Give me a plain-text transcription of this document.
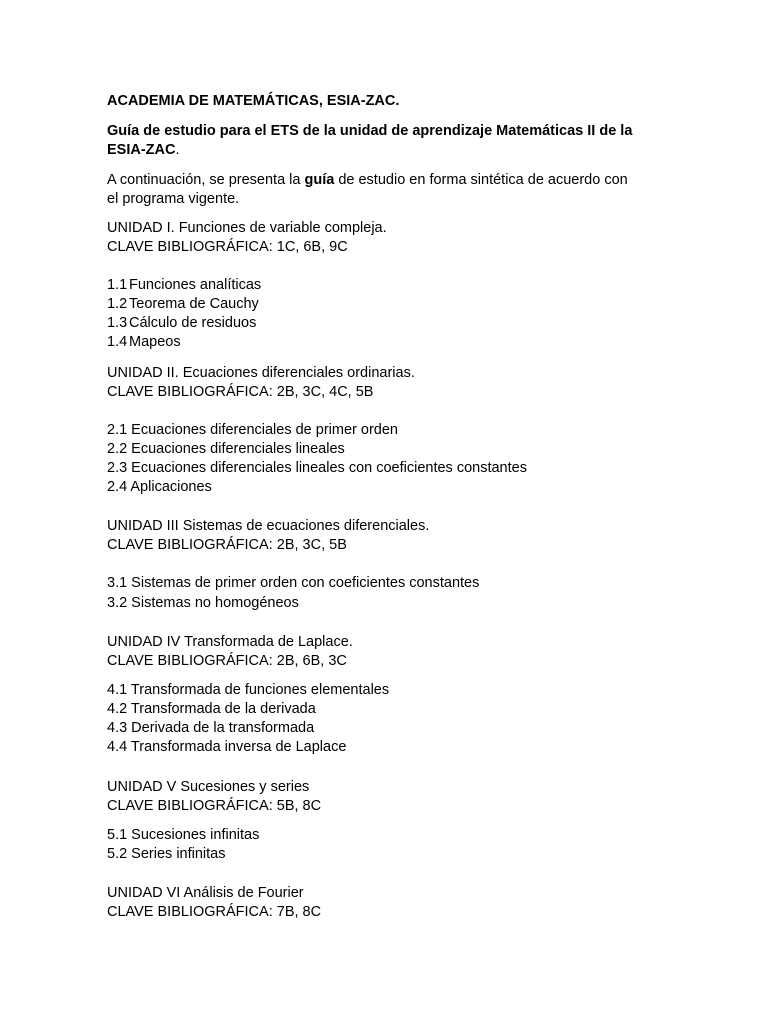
ACADEMIA DE MATEMÁTICAS, ESIA-ZAC.
Guía de estudio para el ETS de la unidad de aprendizaje Matemáticas II de la
ESIA-ZAC.
A continuación, se presenta la guía de estudio en forma sintética de acuerdo con
el programa vigente.
UNIDAD I. Funciones de variable compleja.
CLAVE BIBLIOGRÁFICA: 1C, 6B, 9C
1.1 Funciones analíticas
1.2 Teorema de Cauchy
1.3 Cálculo de residuos
1.4 Mapeos
UNIDAD II. Ecuaciones diferenciales ordinarias.
CLAVE BIBLIOGRÁFICA: 2B, 3C, 4C, 5B
2.1 Ecuaciones diferenciales de primer orden
2.2 Ecuaciones diferenciales lineales
2.3 Ecuaciones diferenciales lineales con coeficientes constantes
2.4 Aplicaciones
UNIDAD III Sistemas de ecuaciones diferenciales.
CLAVE BIBLIOGRÁFICA: 2B, 3C, 5B
3.1 Sistemas de primer orden con coeficientes constantes
3.2 Sistemas no homogéneos
UNIDAD IV Transformada de Laplace.
CLAVE BIBLIOGRÁFICA: 2B, 6B, 3C
4.1 Transformada de funciones elementales
4.2 Transformada de la derivada
4.3 Derivada de la transformada
4.4 Transformada inversa de Laplace
UNIDAD V Sucesiones y series
CLAVE BIBLIOGRÁFICA: 5B, 8C
5.1 Sucesiones infinitas
5.2 Series infinitas
UNIDAD VI Análisis de Fourier
CLAVE BIBLIOGRÁFICA: 7B, 8C
